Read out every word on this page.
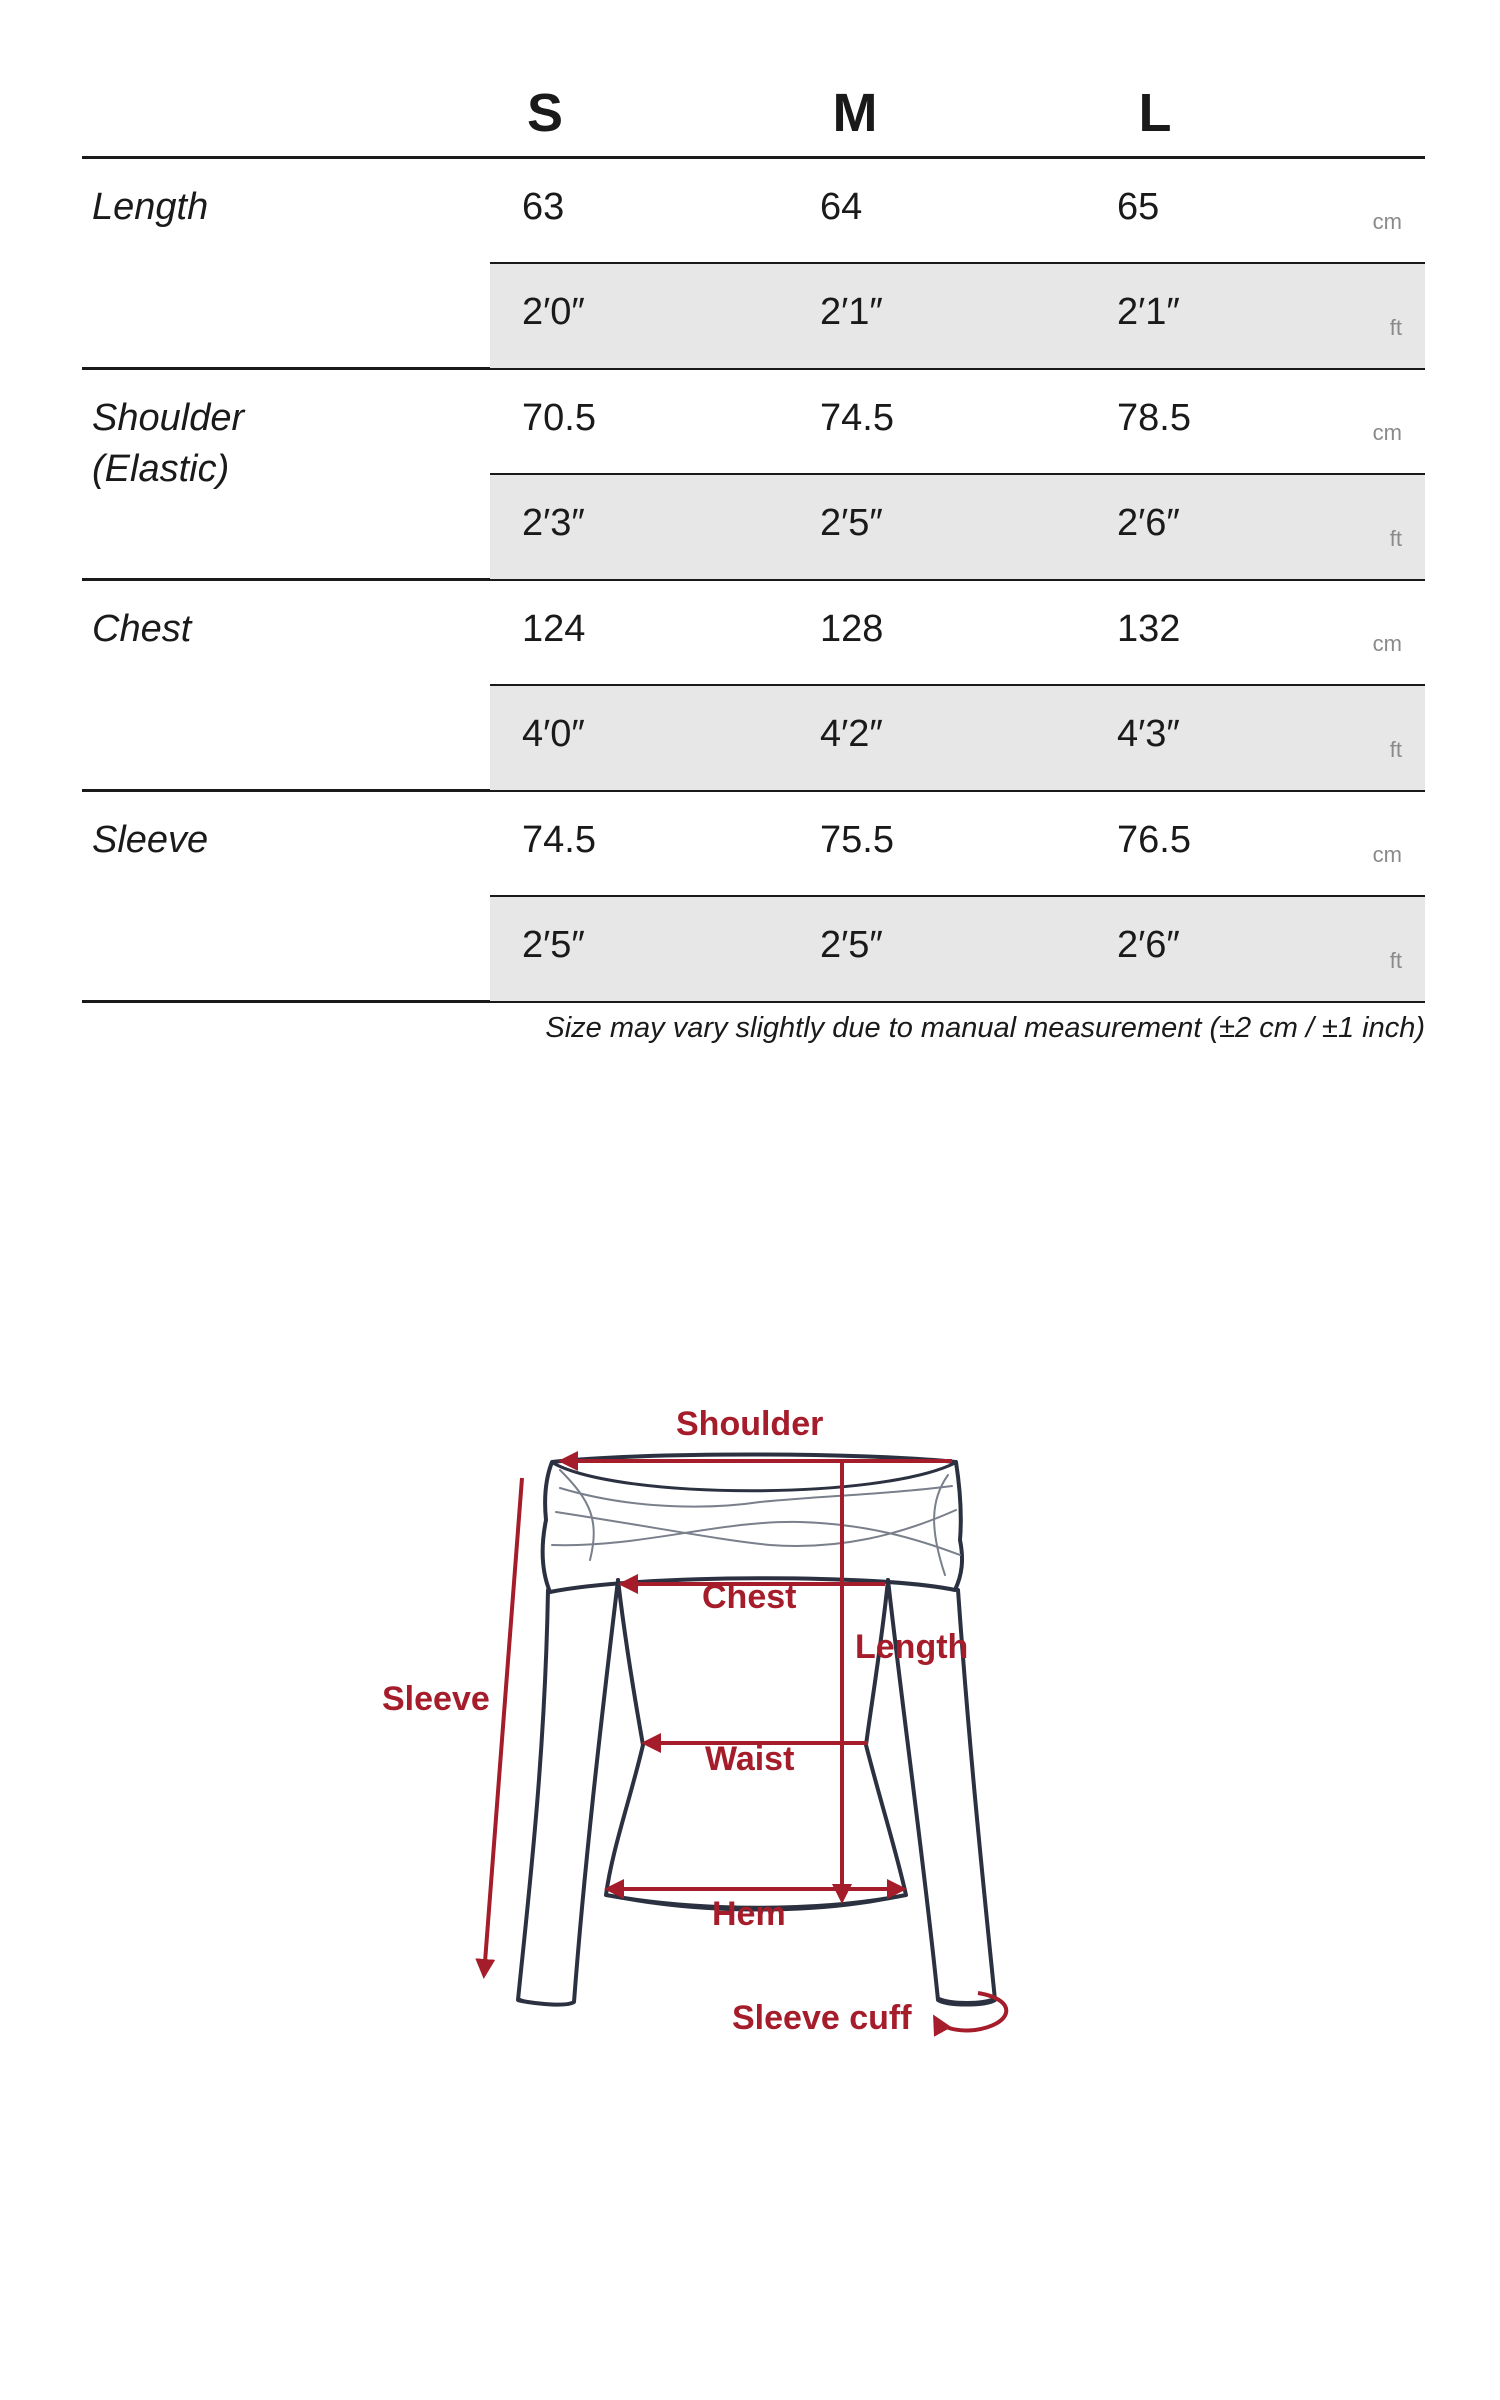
S	M	L
Length	63	64	65	cm
2′0″	2′1″	2′1″	ft
Shoulder
(Elastic)
70.5	74.5	78.5	cm
2′3″	2′5″	2′6″	ft
Chest	124	128	132	cm
4′0″	4′2″	4′3″	ft
Sleeve	74.5	75.5	76.5	cm
2′5″	2′5″	2′6″	ft
Size may vary slightly due to manual measurement (±2 cm / ±1 inch)
Shoulder
Chest
Length
Sleeve
Waist
Hem
Sleeve cuff
